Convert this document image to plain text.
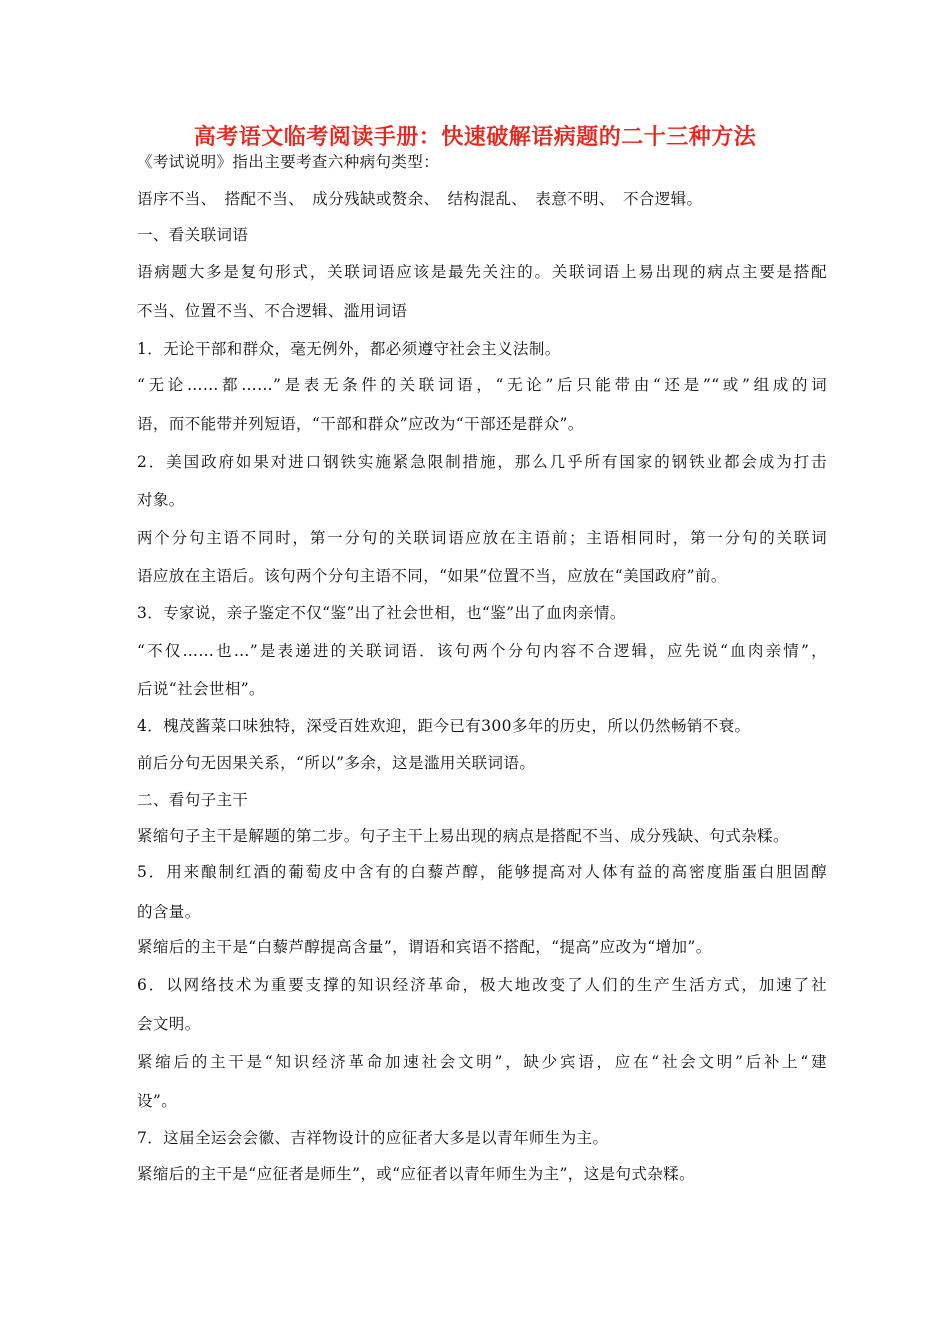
高考语文临考阅读手册：快速破解语病题的二十三种方法
《考试说明》指出主要考查六种病句类型：
语序不当、　搭配不当、　成分残缺或赘余、　结构混乱、　表意不明、　不合逻辑。
一、看关联词语
语病题大多是复句形式，关联词语应该是最先关注的。关联词语上易出现的病点主要是搭配
不当、位置不当、不合逻辑、滥用词语
1．无论干部和群众，毫无例外，都必须遵守社会主义法制。
“无论……都……”是表无条件的关联词语，“无论”后只能带由“还是”“或”组成的词
语，而不能带并列短语，“干部和群众”应改为“干部还是群众”。
2．美国政府如果对进口钢铁实施紧急限制措施，那么几乎所有国家的钢铁业都会成为打击
对象。
两个分句主语不同时，第一分句的关联词语应放在主语前；主语相同时，第一分句的关联词
语应放在主语后。该句两个分句主语不同，“如果”位置不当，应放在“美国政府”前。
3．专家说，亲子鉴定不仅“鉴”出了社会世相，也“鉴”出了血肉亲情。
“不仅……也…”是表递进的关联词语．该句两个分句内容不合逻辑，应先说“血肉亲情”，
后说“社会世相”。
4．槐茂酱菜口味独特，深受百姓欢迎，距今已有300多年的历史，所以仍然畅销不衰。
前后分句无因果关系，“所以”多余，这是滥用关联词语。
二、看句子主干
紧缩句子主干是解题的第二步。句子主干上易出现的病点是搭配不当、成分残缺、句式杂糅。
5．用来酿制红酒的葡萄皮中含有的白藜芦醇，能够提高对人体有益的高密度脂蛋白胆固醇
的含量。
紧缩后的主干是“白藜芦醇提高含量”，谓语和宾语不搭配，“提高”应改为“增加”。
6．以网络技术为重要支撑的知识经济革命，极大地改变了人们的生产生活方式，加速了社
会文明。
紧缩后的主干是“知识经济革命加速社会文明”，缺少宾语，应在“社会文明”后补上“建
设”。
7．这届全运会会徽、吉祥物设计的应征者大多是以青年师生为主。
紧缩后的主干是“应征者是师生”，或“应征者以青年师生为主”，这是句式杂糅。
